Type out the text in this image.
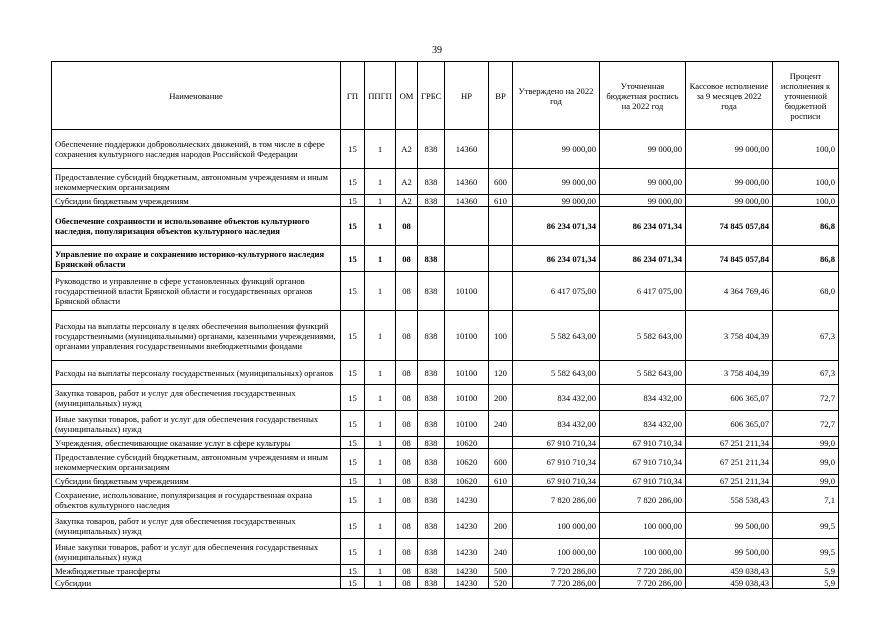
39
Наименование	ГП	ППГП	ОМ	ГРБС	НР	ВР	Утверждено на 2022 год	Уточненная бюджетная роспись на 2022 год	Кассовое исполнение за 9 месяцев 2022 года	Процент исполнения к уточненной бюджетной росписи
Обеспечение поддержки добровольческих движений, в том числе в сфере сохранения культурного наследия народов Российской Федерации	15	1	А2	838	14360		99 000,00	99 000,00	99 000,00	100,0
Предоставление субсидий бюджетным, автономным учреждениям и иным некоммерческим организациям	15	1	А2	838	14360	600	99 000,00	99 000,00	99 000,00	100,0
Субсидии бюджетным учреждениям	15	1	А2	838	14360	610	99 000,00	99 000,00	99 000,00	100,0
Обеспечение сохранности и использование объектов культурного наследия, популяризация объектов культурного наследия	15	1	08				86 234 071,34	86 234 071,34	74 845 057,84	86,8
Управление по охране и сохранению историко-культурного наследия Брянской области	15	1	08	838			86 234 071,34	86 234 071,34	74 845 057,84	86,8
Руководство и управление в сфере установленных функций органов государственной власти Брянской области и государственных органов Брянской области	15	1	08	838	10100		6 417 075,00	6 417 075,00	4 364 769,46	68,0
Расходы на выплаты персоналу в целях обеспечения выполнения функций государственными (муниципальными) органами, казенными учреждениями, органами управления государственными внебюджетными фондами	15	1	08	838	10100	100	5 582 643,00	5 582 643,00	3 758 404,39	67,3
Расходы на выплаты персоналу государственных (муниципальных) органов	15	1	08	838	10100	120	5 582 643,00	5 582 643,00	3 758 404,39	67,3
Закупка товаров, работ и услуг для обеспечения государственных (муниципальных) нужд	15	1	08	838	10100	200	834 432,00	834 432,00	606 365,07	72,7
Иные закупки товаров, работ и услуг для обеспечения государственных (муниципальных) нужд	15	1	08	838	10100	240	834 432,00	834 432,00	606 365,07	72,7
Учреждения, обеспечивающие оказание услуг в сфере культуры	15	1	08	838	10620		67 910 710,34	67 910 710,34	67 251 211,34	99,0
Предоставление субсидий бюджетным, автономным учреждениям и иным некоммерческим организациям	15	1	08	838	10620	600	67 910 710,34	67 910 710,34	67 251 211,34	99,0
Субсидии бюджетным учреждениям	15	1	08	838	10620	610	67 910 710,34	67 910 710,34	67 251 211,34	99,0
Сохранение, использование, популяризация и государственная охрана объектов культурного наследия	15	1	08	838	14230		7 820 286,00	7 820 286,00	558 538,43	7,1
Закупка товаров, работ и услуг для обеспечения государственных (муниципальных) нужд	15	1	08	838	14230	200	100 000,00	100 000,00	99 500,00	99,5
Иные закупки товаров, работ и услуг для обеспечения государственных (муниципальных) нужд	15	1	08	838	14230	240	100 000,00	100 000,00	99 500,00	99,5
Межбюджетные трансферты	15	1	08	838	14230	500	7 720 286,00	7 720 286,00	459 038,43	5,9
Субсидии	15	1	08	838	14230	520	7 720 286,00	7 720 286,00	459 038,43	5,9
